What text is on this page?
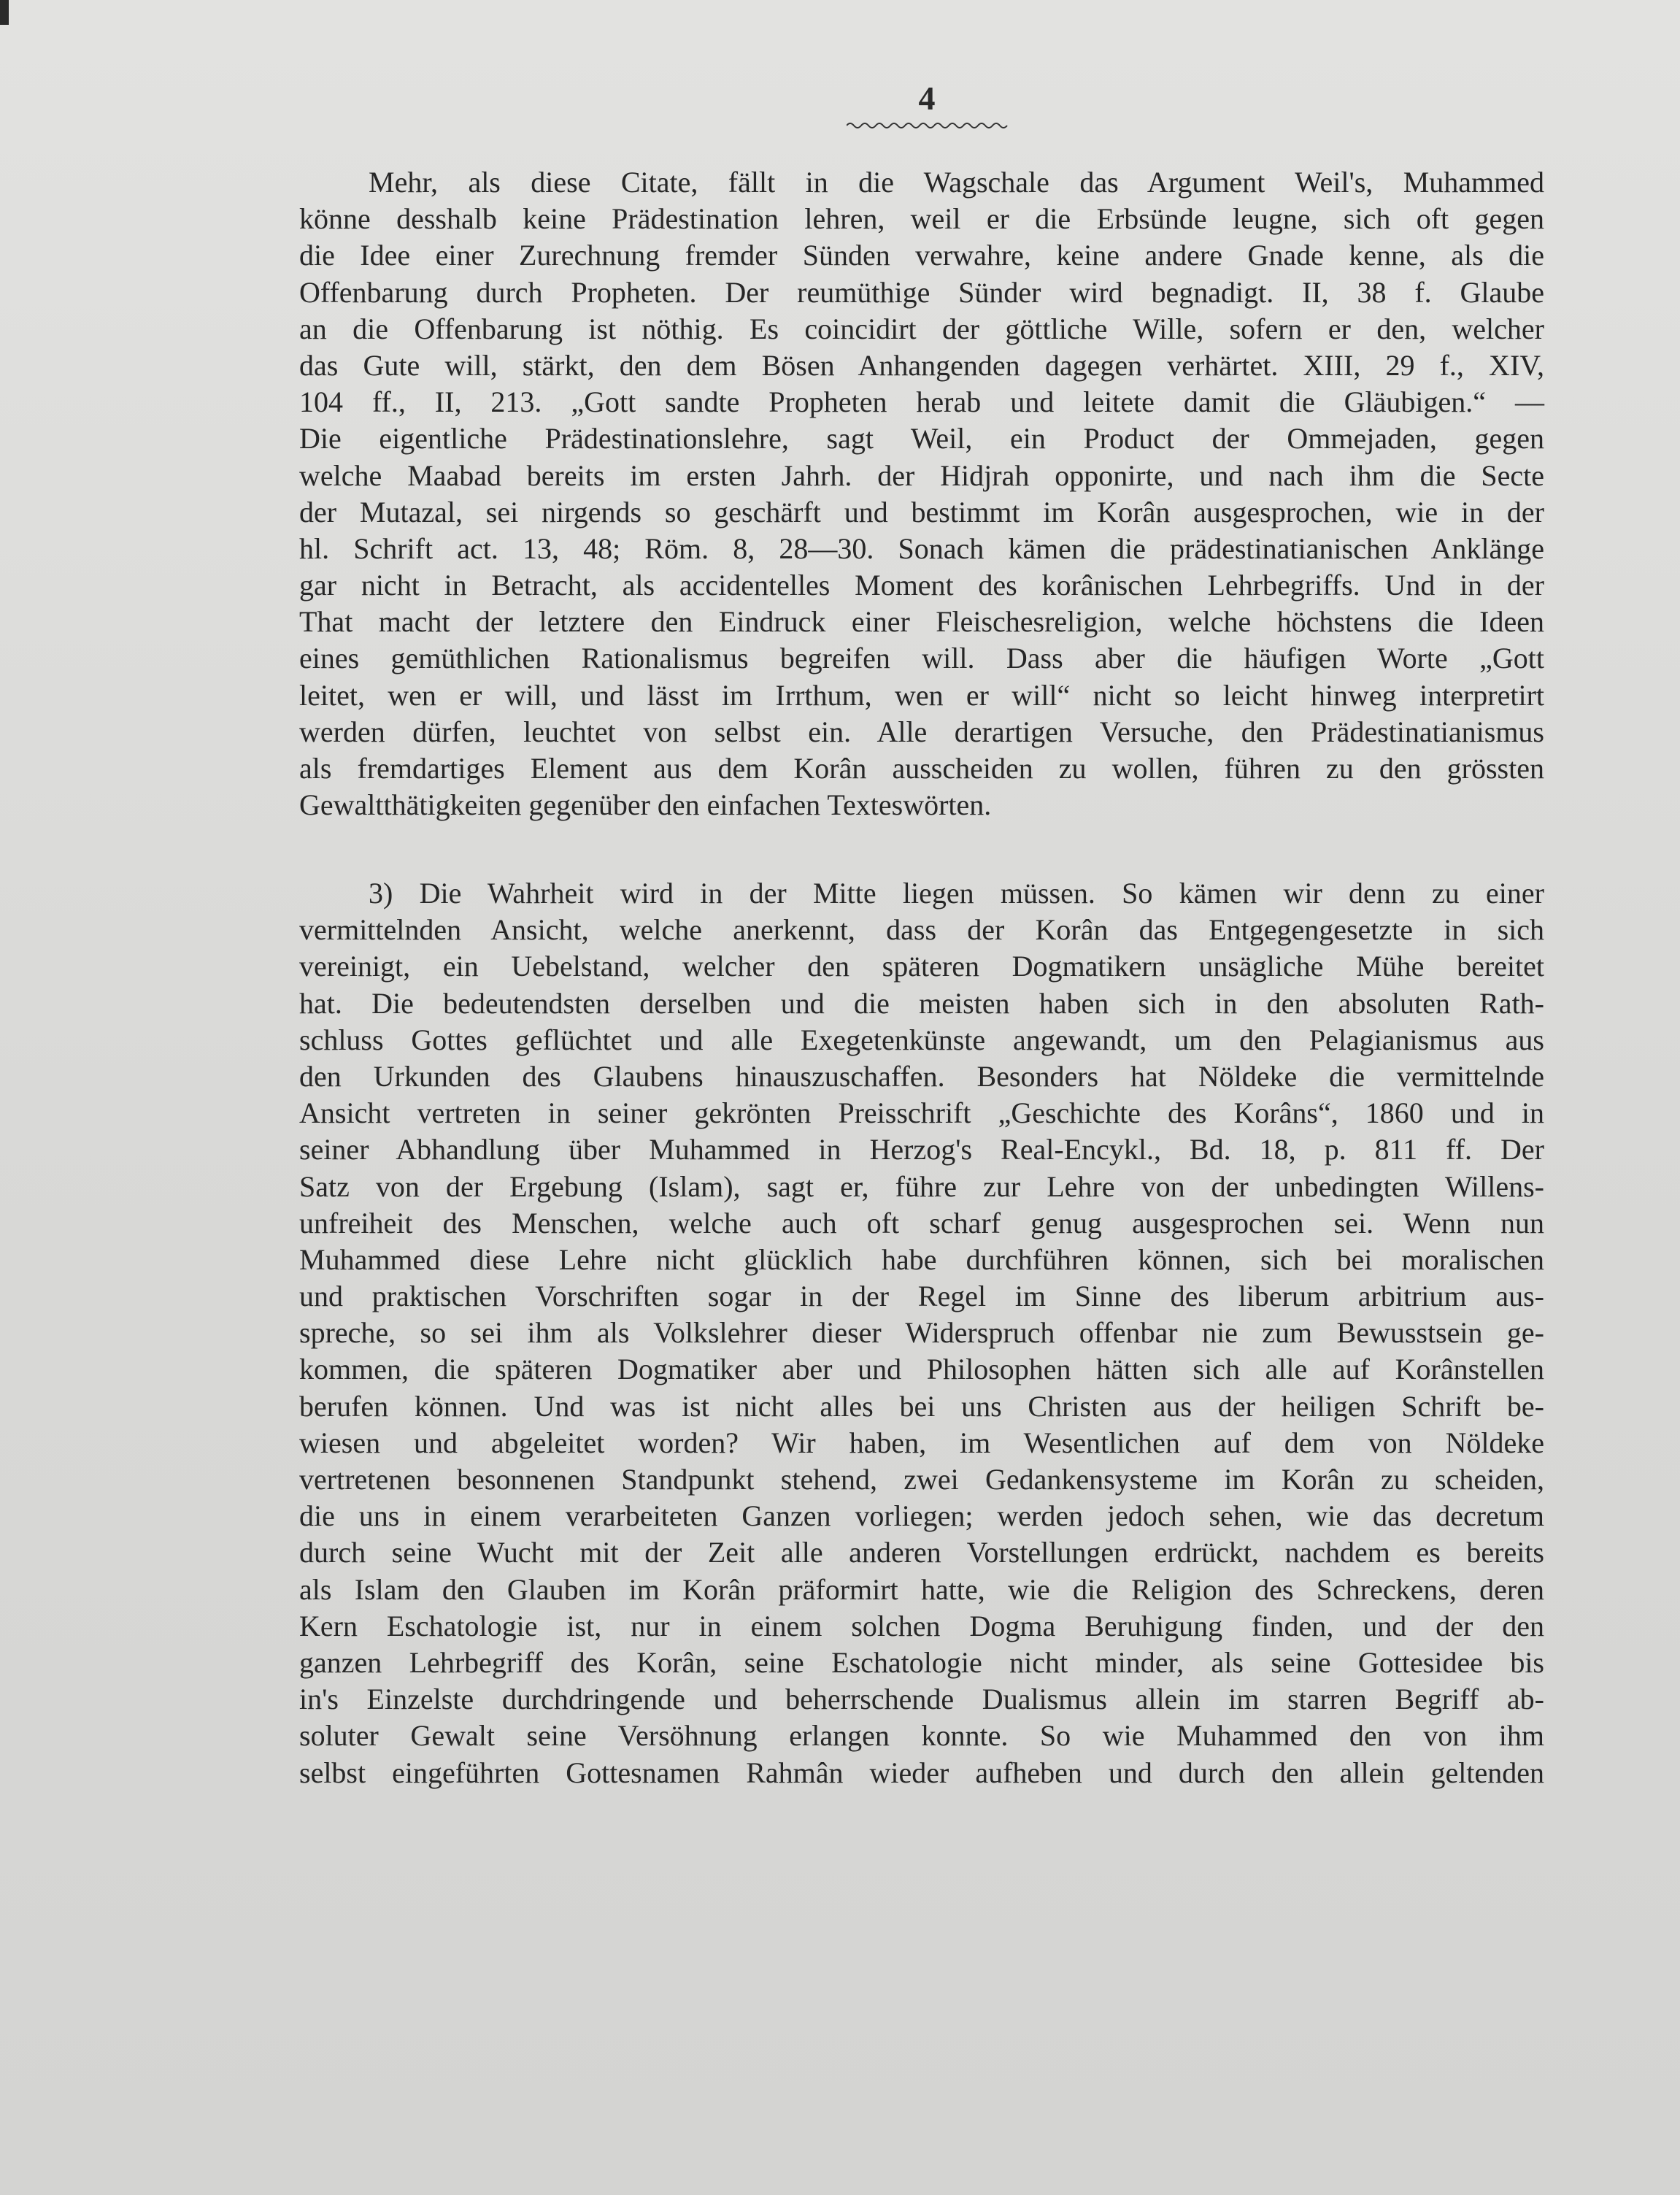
4
Mehr, als diese Citate, fällt in die Wagschale das Argument Weil's, Muhammed
könne desshalb keine Prädestination lehren, weil er die Erbsünde leugne, sich oft gegen
die Idee einer Zurechnung fremder Sünden verwahre, keine andere Gnade kenne, als die
Offenbarung durch Propheten. Der reumüthige Sünder wird begnadigt. II, 38 f. Glaube
an die Offenbarung ist nöthig. Es coincidirt der göttliche Wille, sofern er den, welcher
das Gute will, stärkt, den dem Bösen Anhangenden dagegen verhärtet. XIII, 29 f., XIV,
104 ff., II, 213. „Gott sandte Propheten herab und leitete damit die Gläubigen.“ —
Die eigentliche Prädestinationslehre, sagt Weil, ein Product der Ommejaden, gegen
welche Maabad bereits im ersten Jahrh. der Hidjrah opponirte, und nach ihm die Secte
der Mutazal, sei nirgends so geschärft und bestimmt im Korân ausgesprochen, wie in der
hl. Schrift act. 13, 48; Röm. 8, 28—30. Sonach kämen die prädestinatianischen Anklänge
gar nicht in Betracht, als accidentelles Moment des korânischen Lehrbegriffs. Und in der
That macht der letztere den Eindruck einer Fleischesreligion, welche höchstens die Ideen
eines gemüthlichen Rationalismus begreifen will. Dass aber die häufigen Worte „Gott
leitet, wen er will, und lässt im Irrthum, wen er will“ nicht so leicht hinweg interpretirt
werden dürfen, leuchtet von selbst ein. Alle derartigen Versuche, den Prädestinatianismus
als fremdartiges Element aus dem Korân ausscheiden zu wollen, führen zu den grössten
Gewaltthätigkeiten gegenüber den einfachen Texteswörten.
3) Die Wahrheit wird in der Mitte liegen müssen. So kämen wir denn zu einer
vermittelnden Ansicht, welche anerkennt, dass der Korân das Entgegengesetzte in sich
vereinigt, ein Uebelstand, welcher den späteren Dogmatikern unsägliche Mühe bereitet
hat. Die bedeutendsten derselben und die meisten haben sich in den absoluten Rath-
schluss Gottes geflüchtet und alle Exegetenkünste angewandt, um den Pelagianismus aus
den Urkunden des Glaubens hinauszuschaffen. Besonders hat Nöldeke die vermittelnde
Ansicht vertreten in seiner gekrönten Preisschrift „Geschichte des Korâns“, 1860 und in
seiner Abhandlung über Muhammed in Herzog's Real-Encykl., Bd. 18, p. 811 ff. Der
Satz von der Ergebung (Islam), sagt er, führe zur Lehre von der unbedingten Willens-
unfreiheit des Menschen, welche auch oft scharf genug ausgesprochen sei. Wenn nun
Muhammed diese Lehre nicht glücklich habe durchführen können, sich bei moralischen
und praktischen Vorschriften sogar in der Regel im Sinne des liberum arbitrium aus-
spreche, so sei ihm als Volkslehrer dieser Widerspruch offenbar nie zum Bewusstsein ge-
kommen, die späteren Dogmatiker aber und Philosophen hätten sich alle auf Korânstellen
berufen können. Und was ist nicht alles bei uns Christen aus der heiligen Schrift be-
wiesen und abgeleitet worden? Wir haben, im Wesentlichen auf dem von Nöldeke
vertretenen besonnenen Standpunkt stehend, zwei Gedankensysteme im Korân zu scheiden,
die uns in einem verarbeiteten Ganzen vorliegen; werden jedoch sehen, wie das decretum
durch seine Wucht mit der Zeit alle anderen Vorstellungen erdrückt, nachdem es bereits
als Islam den Glauben im Korân präformirt hatte, wie die Religion des Schreckens, deren
Kern Eschatologie ist, nur in einem solchen Dogma Beruhigung finden, und der den
ganzen Lehrbegriff des Korân, seine Eschatologie nicht minder, als seine Gottesidee bis
in's Einzelste durchdringende und beherrschende Dualismus allein im starren Begriff ab-
soluter Gewalt seine Versöhnung erlangen konnte. So wie Muhammed den von ihm
selbst eingeführten Gottesnamen Rahmân wieder aufheben und durch den allein geltenden
